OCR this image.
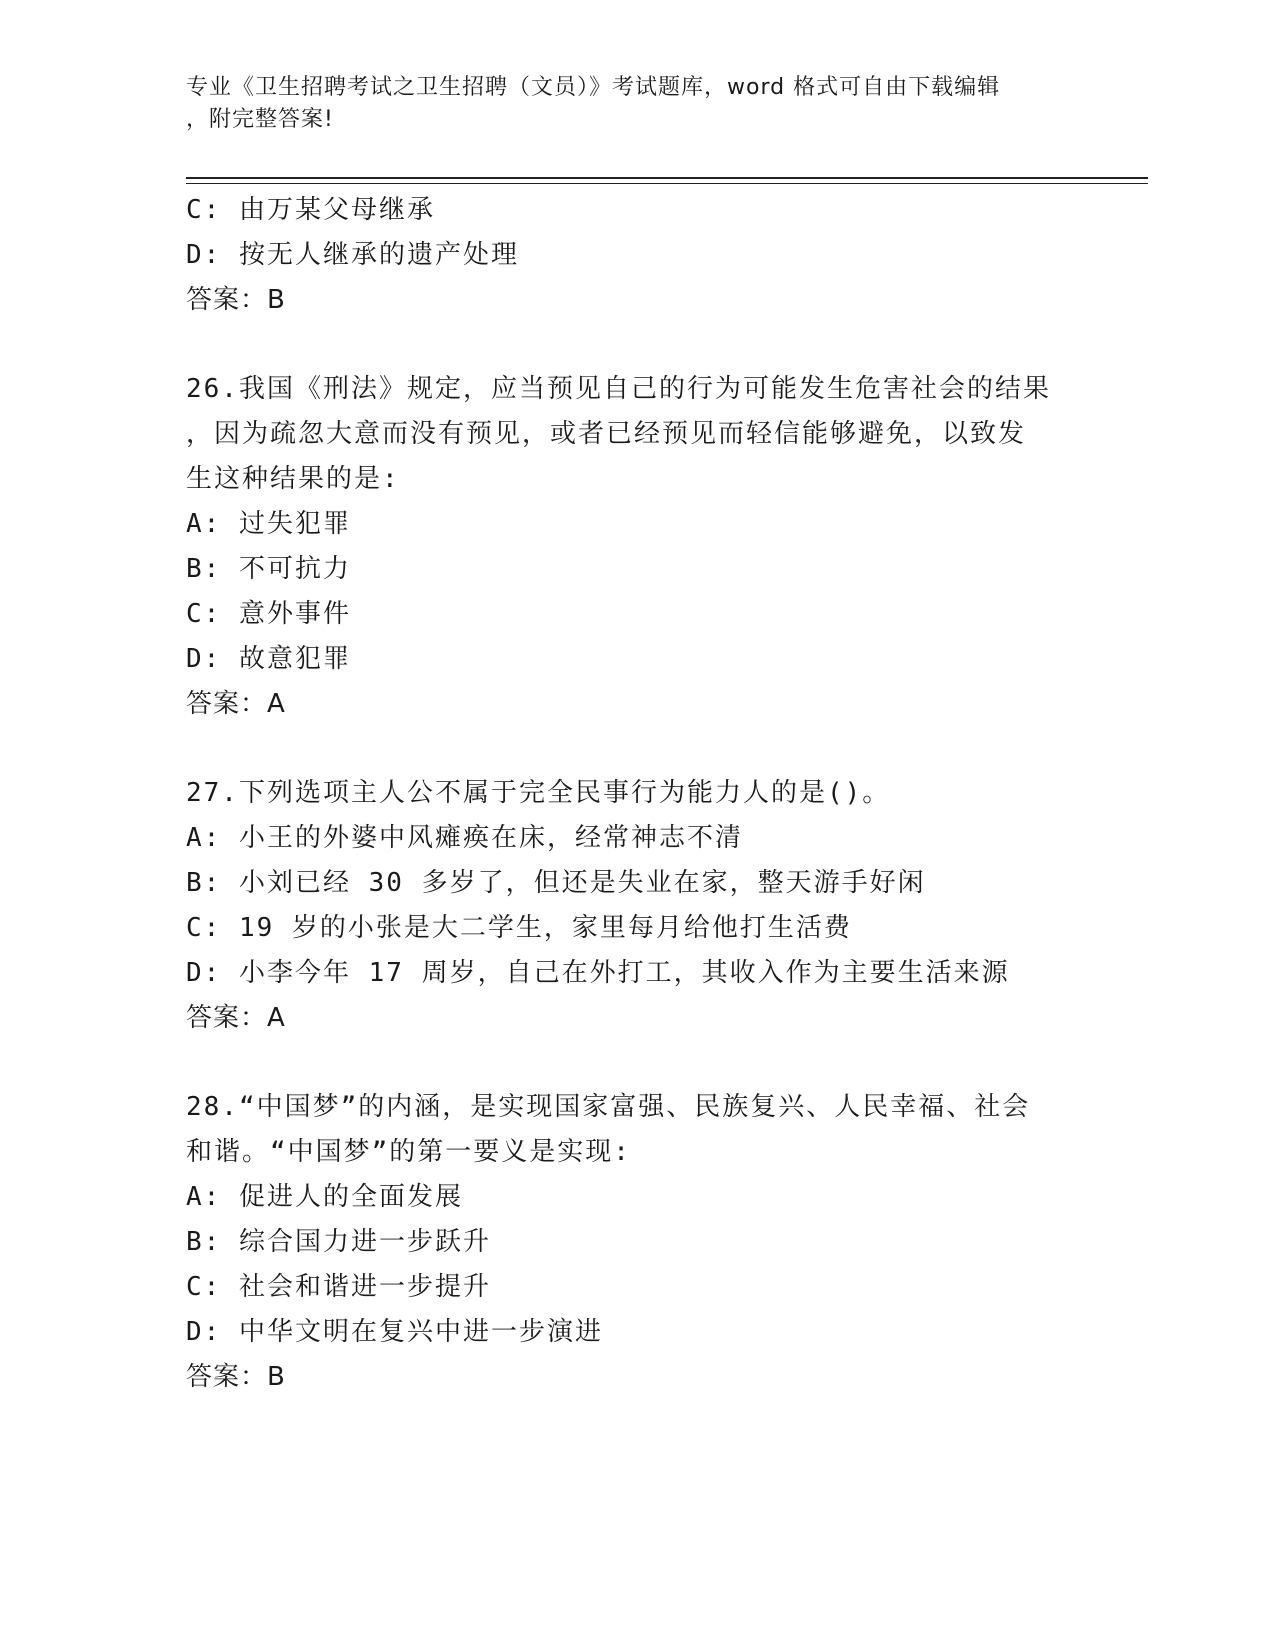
专业《卫生招聘考试之卫生招聘（文员）》考试题库，word 格式可自由下载编辑
，附完整答案!
C: 由万某父母继承
D: 按无人继承的遗产处理
答案：B
26.我国《刑法》规定，应当预见自己的行为可能发生危害社会的结果
，因为疏忽大意而没有预见，或者已经预见而轻信能够避免，以致发
生这种结果的是:
A: 过失犯罪
B: 不可抗力
C: 意外事件
D: 故意犯罪
答案：A
27.下列选项主人公不属于完全民事行为能力人的是()。
A: 小王的外婆中风瘫痪在床，经常神志不清
B: 小刘已经 30 多岁了，但还是失业在家，整天游手好闲
C: 19 岁的小张是大二学生，家里每月给他打生活费
D: 小李今年 17 周岁，自己在外打工，其收入作为主要生活来源
答案：A
28.“中国梦”的内涵，是实现国家富强、民族复兴、人民幸福、社会
和谐。“中国梦”的第一要义是实现:
A: 促进人的全面发展
B: 综合国力进一步跃升
C: 社会和谐进一步提升
D: 中华文明在复兴中进一步演进
答案：B
